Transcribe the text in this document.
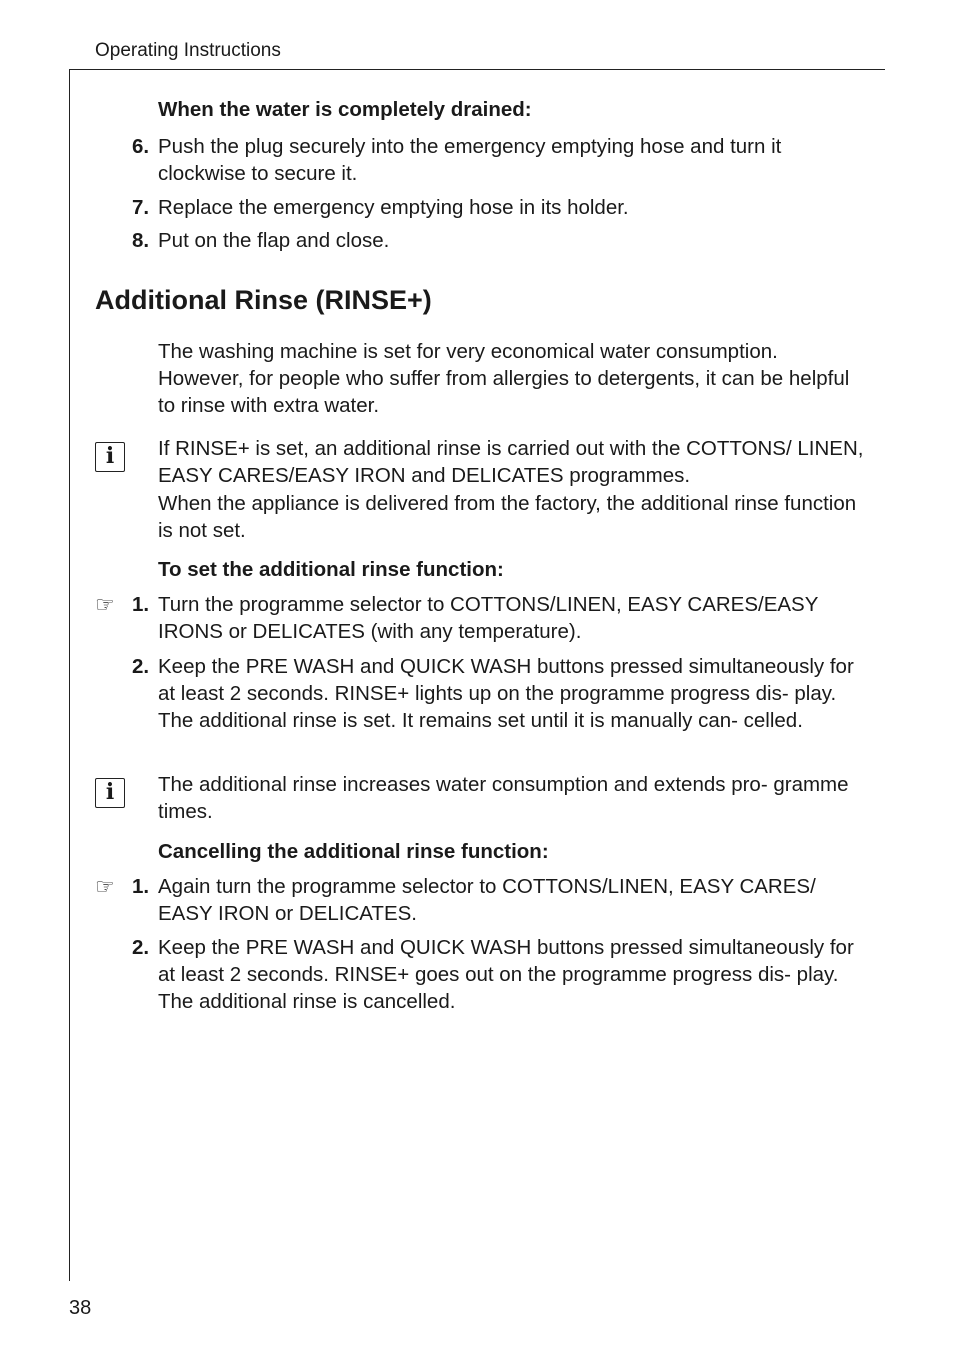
Operating Instructions
When the water is completely drained:
6. Push the plug securely into the emergency emptying hose and turn it clockwise to secure it.
7. Replace the emergency emptying hose in its holder.
8. Put on the flap and close.
Additional Rinse (RINSE+)
The washing machine is set for very economical water consumption. However, for people who suffer from allergies to detergents, it can be helpful to rinse with extra water.
i	If RINSE+ is set, an additional rinse is carried out with the COTTONS/ LINEN, EASY CARES/EASY IRON and DELICATES programmes.
When the appliance is delivered from the factory, the additional rinse function is not set.
To set the additional rinse function:
☞ 1. Turn the programme selector to COTTONS/LINEN, EASY CARES/EASY IRONS or DELICATES (with any temperature).
2. Keep the PRE WASH and QUICK WASH buttons pressed simultaneously for at least 2 seconds. RINSE+ lights up on the programme progress dis- play. The additional rinse is set. It remains set until it is manually can- celled.
i	The additional rinse increases water consumption and extends pro- gramme times.
Cancelling the additional rinse function:
☞ 1. Again turn the programme selector to COTTONS/LINEN, EASY CARES/ EASY IRON or DELICATES.
2. Keep the PRE WASH and QUICK WASH buttons pressed simultaneously for at least 2 seconds. RINSE+ goes out on the programme progress dis- play. The additional rinse is cancelled.
38
